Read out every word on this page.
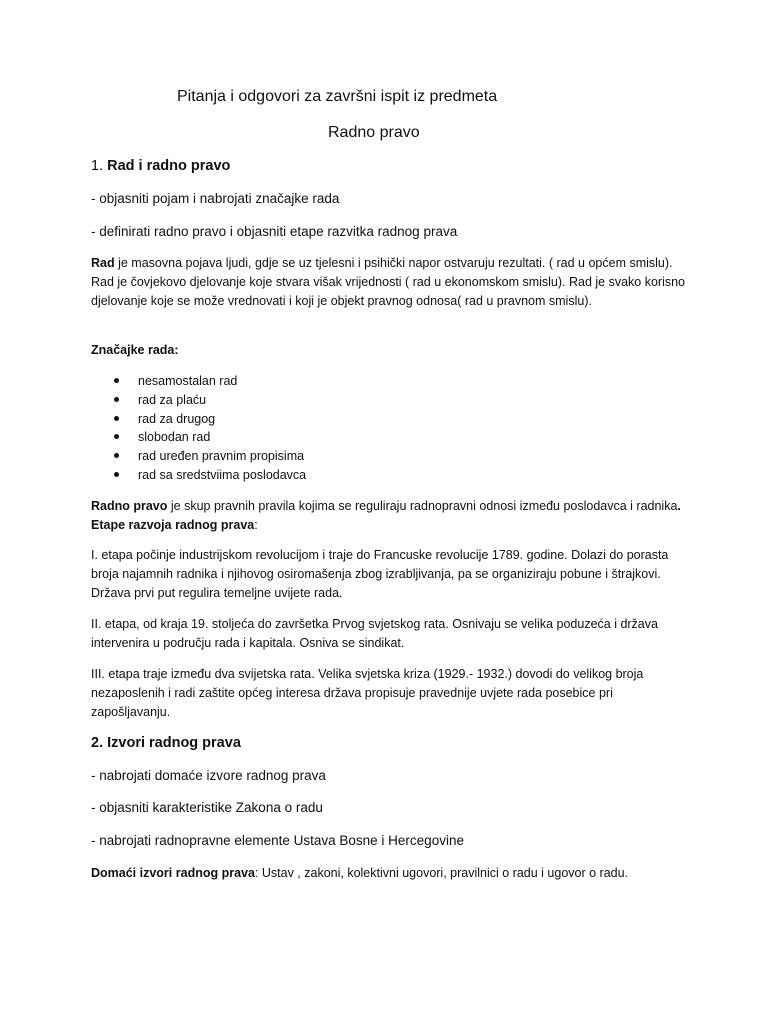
Pitanja i odgovori za završni ispit iz predmeta
Radno pravo
1. Rad i radno pravo
- objasniti pojam i nabrojati značajke rada
- definirati radno pravo i objasniti etape razvitka radnog prava

Rad je masovna pojava ljudi, gdje se uz tjelesni i psihički napor ostvaruju rezultati. ( rad u općem smislu). Rad je čovjekovo djelovanje koje stvara višak vrijednosti ( rad u ekonomskom smislu). Rad je svako korisno djelovanje koje se može vrednovati i koji je objekt pravnog odnosa( rad u pravnom smislu).

Značajke rada:

nesamostalan rad
rad za plaću
rad za drugog
slobodan rad
rad uređen pravnim propisima
rad sa sredstviima poslodavca

Radno pravo je skup pravnih pravila kojima se reguliraju radnopravni odnosi između poslodavca i radnika. Etape razvoja radnog prava:

I. etapa počinje industrijskom revolucijom i traje do Francuske revolucije 1789. godine. Dolazi do porasta broja najamnih radnika i njihovog osiromašenja zbog izrabljivanja, pa se organiziraju pobune i štrajkovi. Država prvi put regulira temeljne uvijete rada.

II. etapa, od kraja 19. stoljeća do završetka Prvog svjetskog rata. Osnivaju se velika poduzeća i država intervenira u području rada i kapitala. Osniva se sindikat.

III. etapa traje između dva svijetska rata. Velika svjetska kriza (1929.- 1932.) dovodi do velikog broja nezaposlenih i radi zaštite općeg interesa država propisuje pravednije uvjete rada posebice pri zapošljavanju.

2. Izvori radnog prava
- nabrojati domaće izvore radnog prava
- objasniti karakteristike Zakona o radu
- nabrojati radnopravne elemente Ustava Bosne i Hercegovine

Domaći izvori radnog prava: Ustav , zakoni, kolektivni ugovori, pravilnici o radu i ugovor o radu.
